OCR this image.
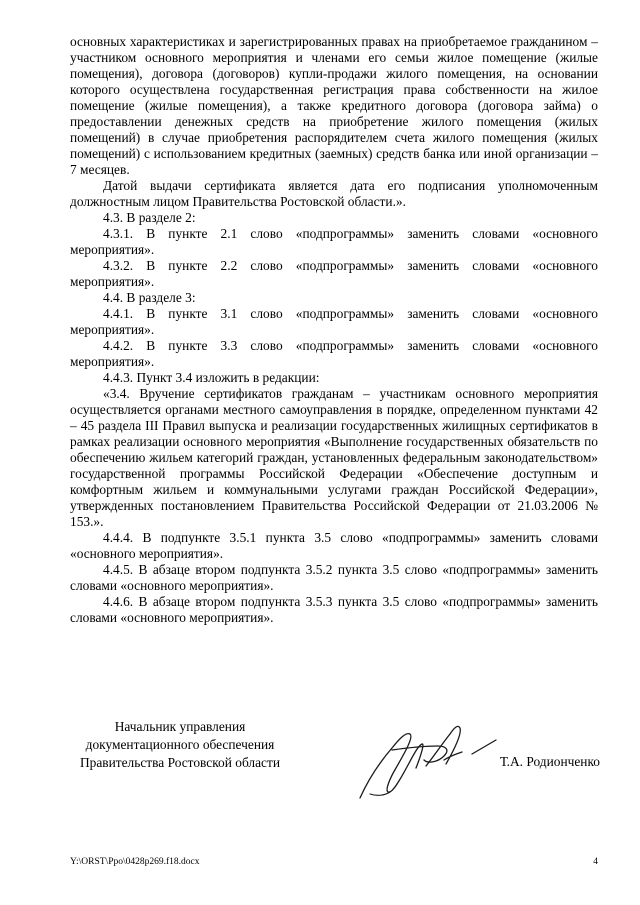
основных характеристиках и зарегистрированных правах на приобретаемое гражданином – участником основного мероприятия и членами его семьи жилое помещение (жилые помещения), договора (договоров) купли-продажи жилого помещения, на основании которого осуществлена государственная регистрация права собственности на жилое помещение (жилые помещения), а также кредитного договора (договора займа) о предоставлении денежных средств на приобретение жилого помещения (жилых помещений) в случае приобретения распорядителем счета жилого помещения (жилых помещений) с использованием кредитных (заемных) средств банка или иной организации – 7 месяцев.

Датой выдачи сертификата является дата его подписания уполномоченным должностным лицом Правительства Ростовской области.».

4.3. В разделе 2:

4.3.1. В пункте 2.1 слово «подпрограммы» заменить словами «основного мероприятия».

4.3.2. В пункте 2.2 слово «подпрограммы» заменить словами «основного мероприятия».

4.4. В разделе 3:

4.4.1. В пункте 3.1 слово «подпрограммы» заменить словами «основного мероприятия».

4.4.2. В пункте 3.3 слово «подпрограммы» заменить словами «основного мероприятия».

4.4.3. Пункт 3.4 изложить в редакции:

«3.4. Вручение сертификатов гражданам – участникам основного мероприятия осуществляется органами местного самоуправления в порядке, определенном пунктами 42 – 45 раздела III Правил выпуска и реализации государственных жилищных сертификатов в рамках реализации основного мероприятия «Выполнение государственных обязательств по обеспечению жильем категорий граждан, установленных федеральным законодательством» государственной программы Российской Федерации «Обеспечение доступным и комфортным жильем и коммунальными услугами граждан Российской Федерации», утвержденных постановлением Правительства Российской Федерации от 21.03.2006 № 153.».

4.4.4. В подпункте 3.5.1 пункта 3.5 слово «подпрограммы» заменить словами «основного мероприятия».

4.4.5. В абзаце втором подпункта 3.5.2 пункта 3.5 слово «подпрограммы» заменить словами «основного мероприятия».

4.4.6. В абзаце втором подпункта 3.5.3 пункта 3.5 слово «подпрограммы» заменить словами «основного мероприятия».

Начальник управления
документационного обеспечения
Правительства Ростовской области	Т.А. Родионченко
Y:\ORST\Ppo\0428p269.f18.docx	4
